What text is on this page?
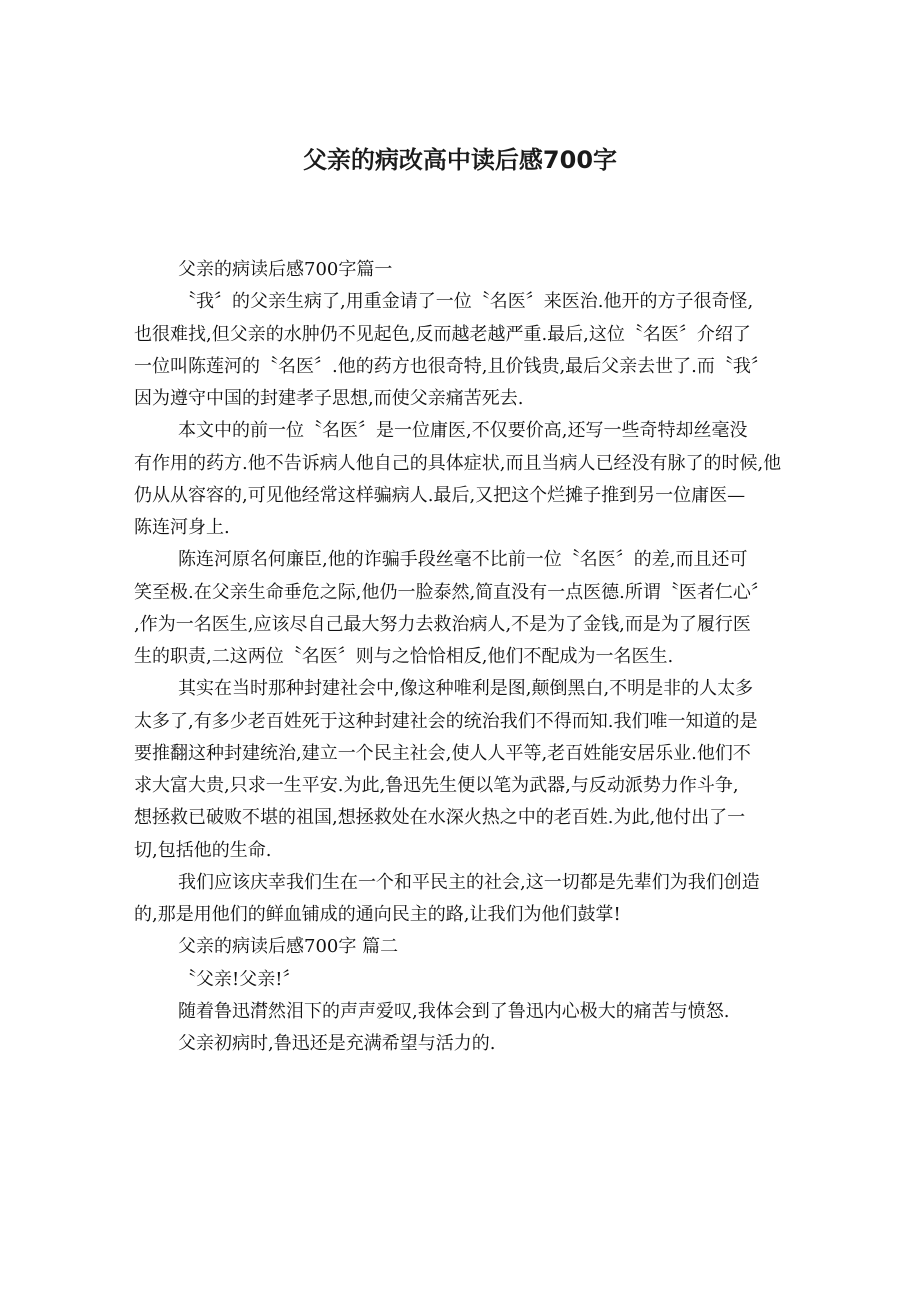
父亲的病改高中读后感700字
父亲的病读后感700字篇一
〝我〞的父亲生病了,用重金请了一位〝名医〞来医治.他开的方子很奇怪,
也很难找,但父亲的水肿仍不见起色,反而越老越严重.最后,这位〝名医〞介绍了
一位叫陈莲河的〝名医〞.他的药方也很奇特,且价钱贵,最后父亲去世了.而〝我〞
因为遵守中国的封建孝子思想,而使父亲痛苦死去.
本文中的前一位〝名医〞是一位庸医,不仅要价高,还写一些奇特却丝毫没
有作用的药方.他不告诉病人他自己的具体症状,而且当病人已经没有脉了的时候,他
仍从从容容的,可见他经常这样骗病人.最后,又把这个烂摊子推到另一位庸医—
陈连河身上.
陈连河原名何廉臣,他的诈骗手段丝毫不比前一位〝名医〞的差,而且还可
笑至极.在父亲生命垂危之际,他仍一脸泰然,简直没有一点医德.所谓〝医者仁心〞
,作为一名医生,应该尽自己最大努力去救治病人,不是为了金钱,而是为了履行医
生的职责,二这两位〝名医〞则与之恰恰相反,他们不配成为一名医生.
其实在当时那种封建社会中,像这种唯利是图,颠倒黑白,不明是非的人太多
太多了,有多少老百姓死于这种封建社会的统治我们不得而知.我们唯一知道的是
要推翻这种封建统治,建立一个民主社会,使人人平等,老百姓能安居乐业.他们不
求大富大贵,只求一生平安.为此,鲁迅先生便以笔为武器,与反动派势力作斗争,
想拯救已破败不堪的祖国,想拯救处在水深火热之中的老百姓.为此,他付出了一
切,包括他的生命.
我们应该庆幸我们生在一个和平民主的社会,这一切都是先辈们为我们创造
的,那是用他们的鲜血铺成的通向民主的路,让我们为他们鼓掌!
父亲的病读后感700字 篇二
〝父亲!父亲!〞
随着鲁迅潸然泪下的声声爱叹,我体会到了鲁迅内心极大的痛苦与愤怒.
父亲初病时,鲁迅还是充满希望与活力的.
